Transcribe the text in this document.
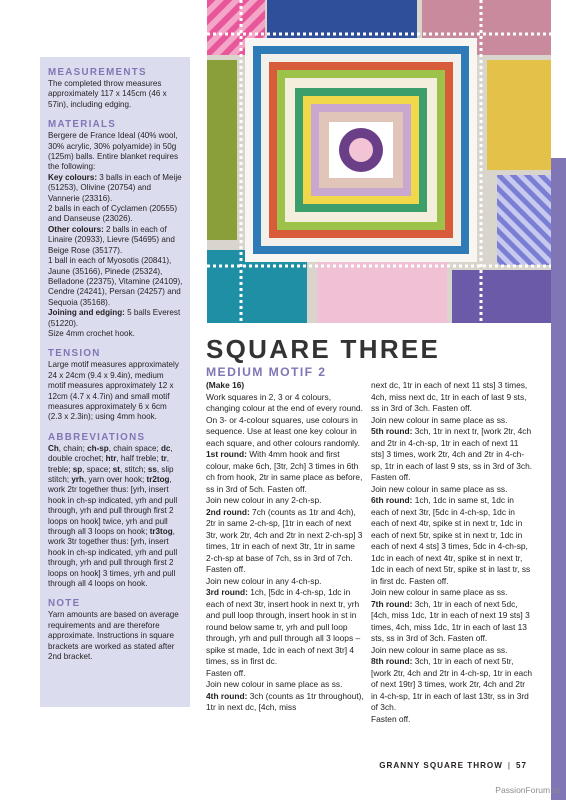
MEASUREMENTS

The completed throw measures
approximately 117 x 145cm (46 x
57in), including edging.

MATERIALS

Bergere de France Ideal (40% wool,
30% acrylic, 30% polyamide) in 50g
(125m) balls. Entire blanket requires
the following:
Key colours: 3 balls in each of Meije
(51253), Olivine (20754) and
Vannerie (23316).
2 balls in each of Cyclamen (20555)
and Danseuse (23026).
Other colours: 2 balls in each of
Linaire (20933), Lievre (54695) and
Beige Rose (35177).
1 ball in each of Myosotis (20841),
Jaune (35166), Pinede (25324),
Belladone (22375), Vitamine (24109),
Cendre (24241), Persan (24257) and
Sequoia (35168).
Joining and edging: 5 balls Everest
(51220).
Size 4mm crochet hook.

TENSION

Large motif measures approximately
24 x 24cm (9.4 x 9.4in), medium
motif measures approximately 12 x
12cm (4.7 x 4.7in) and small motif
measures approximately 6 x 6cm
(2.3 x 2.3in); using 4mm hook.

ABBREVIATIONS

Ch, chain; ch-sp, chain space; dc, double crochet; htr, half treble; tr, treble; sp, space; st, stitch; ss, slip stitch; yrh, yarn over hook; tr2tog, work 2tr together thus: [yrh, insert hook in ch-sp indicated, yrh and pull through, yrh and pull through first 2 loops on hook] twice, yrh and pull through all 3 loops on hook; tr3tog, work 3tr together thus: [yrh, insert hook in ch-sp indicated, yrh and pull through, yrh and pull through first 2 loops on hook] 3 times, yrh and pull through all 4 loops on hook.

NOTE

Yarn amounts are based on average
requirements and are therefore
approximate. Instructions in square
brackets are worked as stated after
2nd bracket.

SQUARE THREE
MEDIUM MOTIF 2

(Make 16)

Work squares in 2, 3 or 4 colours, changing colour at the end of every round. On 3- or 4-colour squares, use colours in sequence. Use at least one key colour in each square, and other colours randomly.

1st round: With 4mm hook and first colour, make 6ch, [3tr, 2ch] 3 times in 6th ch from hook, 2tr in same place as before, ss in 3rd of 5ch. Fasten off.

Join new colour in any 2-ch-sp.

2nd round: 7ch (counts as 1tr and 4ch), 2tr in same 2-ch-sp, [1tr in each of next 3tr, work 2tr, 4ch and 2tr in next 2-ch-sp] 3 times, 1tr in each of next 3tr, 1tr in same 2-ch-sp at base of 7ch, ss in 3rd of 7ch. Fasten off.

Join new colour in any 4-ch-sp.

3rd round: 1ch, [5dc in 4-ch-sp, 1dc in each of next 3tr, insert hook in next tr, yrh and pull loop through, insert hook in st in round below same tr, yrh and pull loop through, yrh and pull through all 3 loops – spike st made, 1dc in each of next 3tr] 4 times, ss in first dc.

Fasten off.

Join new colour in same place as ss.

4th round: 3ch (counts as 1tr throughout), 1tr in next dc, [4ch, miss

next dc, 1tr in each of next 11 sts] 3 times, 4ch, miss next dc, 1tr in each of last 9 sts, ss in 3rd of 3ch. Fasten off.

Join new colour in same place as ss.

5th round: 3ch, 1tr in next tr, [work 2tr, 4ch and 2tr in 4-ch-sp, 1tr in each of next 11 sts] 3 times, work 2tr, 4ch and 2tr in 4-ch-sp, 1tr in each of last 9 sts, ss in 3rd of 3ch. Fasten off.

Join new colour in same place as ss.

6th round: 1ch, 1dc in same st, 1dc in each of next 3tr, [5dc in 4-ch-sp, 1dc in each of next 4tr, spike st in next tr, 1dc in each of next 5tr, spike st in next tr, 1dc in each of next 4 sts] 3 times, 5dc in 4-ch-sp, 1dc in each of next 4tr, spike st in next tr, 1dc in each of next 5tr, spike st in last tr, ss in first dc. Fasten off.

Join new colour in same place as ss.

7th round: 3ch, 1tr in each of next 5dc, [4ch, miss 1dc, 1tr in each of next 19 sts] 3 times, 4ch, miss 1dc, 1tr in each of last 13 sts, ss in 3rd of 3ch. Fasten off.

Join new colour in same place as ss.

8th round: 3ch, 1tr in each of next 5tr, [work 2tr, 4ch and 2tr in 4-ch-sp, 1tr in each of next 19tr] 3 times, work 2tr, 4ch and 2tr in 4-ch-sp, 1tr in each of last 13tr, ss in 3rd of 3ch.

Fasten off.

GRANNY SQUARE THROW | 57
PassionForum.ru
